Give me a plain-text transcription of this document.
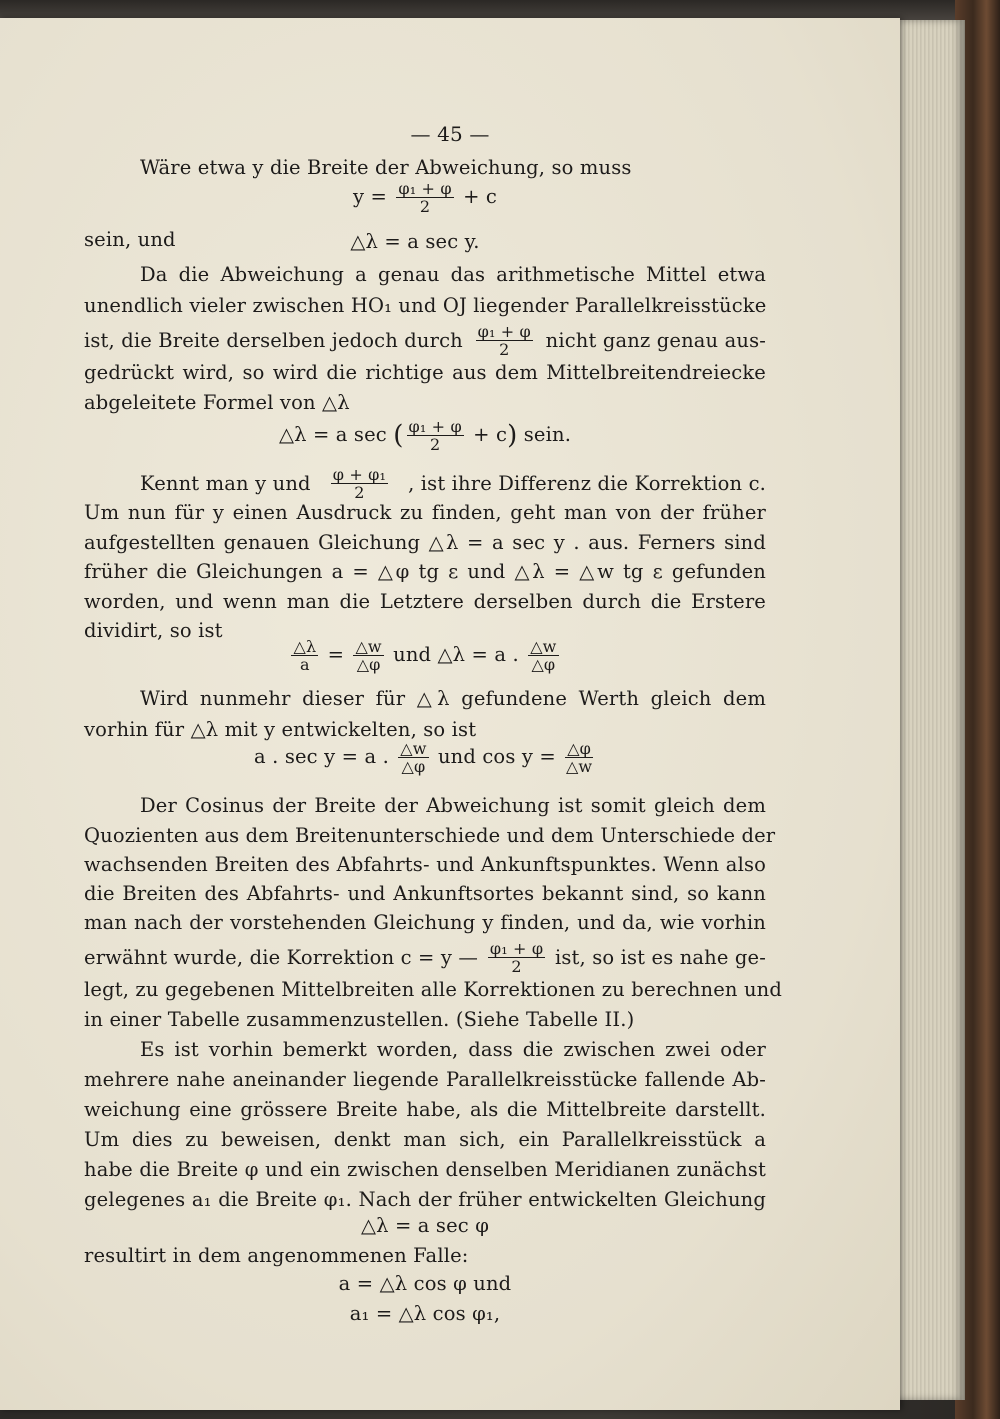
— 45 —
Wäre etwa y die Breite der Abweichung, so muss
$y = \frac{\text{φ₁ + φ}}{2} + c$
sein, und	△λ = a sec y.
Da die Abweichung a genau das arithmetische Mittel etwa
unendlich vieler zwischen HO₁ und OJ liegender Parallelkreisstücke
ist, die Breite derselben jedoch durch $\frac{\text{φ₁ + φ}}{2}$ nicht ganz genau aus-
gedrückt wird, so wird die richtige aus dem Mittelbreitendreiecke
abgeleitete Formel von △λ
△λ = a sec ( $\frac{\text{φ₁ + φ}}{2} + c$) sein.
Kennt man y und $\frac{\text{φ + φ₁}}{2}$ , ist ihre Differenz die Korrektion c.
Um nun für y einen Ausdruck zu finden, geht man von der früher
aufgestellten genauen Gleichung △λ = a sec y . aus. Ferners sind
früher die Gleichungen a = △φ tg ε und △λ = △w tg ε gefunden
worden, und wenn man die Letztere derselben durch die Erstere
dividirt, so ist
$\frac{\triangle\lambda}{a} = \frac{\triangle w}{\triangle\varphi}$ und △λ = a . $\frac{\triangle w}{\triangle\varphi}$
Wird nunmehr dieser für △λ gefundene Werth gleich dem
vorhin für △λ mit y entwickelten, so ist
a . sec y = a . $\frac{\triangle w}{\triangle\varphi}$ und $\cos y = \frac{\triangle\varphi}{\triangle w}$
Der Cosinus der Breite der Abweichung ist somit gleich dem
Quozienten aus dem Breitenunterschiede und dem Unterschiede der
wachsenden Breiten des Abfahrts- und Ankunftspunktes. Wenn also
die Breiten des Abfahrts- und Ankunftsortes bekannt sind, so kann
man nach der vorstehenden Gleichung y finden, und da, wie vorhin
erwähnt wurde, die Korrektion c = y — $\frac{\text{φ₁ + φ}}{2}$ ist, so ist es nahe ge-
legt, zu gegebenen Mittelbreiten alle Korrektionen zu berechnen und
in einer Tabelle zusammenzustellen. (Siehe Tabelle II.)
Es ist vorhin bemerkt worden, dass die zwischen zwei oder
mehrere nahe aneinander liegende Parallelkreisstücke fallende Ab-
weichung eine grössere Breite habe, als die Mittelbreite darstellt.
Um dies zu beweisen, denkt man sich, ein Parallelkreisstück a
habe die Breite φ und ein zwischen denselben Meridianen zunächst
gelegenes a₁ die Breite φ₁. Nach der früher entwickelten Gleichung
△λ = a sec φ
resultirt in dem angenommenen Falle:
a = △λ cos φ und
a₁ = △λ cos φ₁,
